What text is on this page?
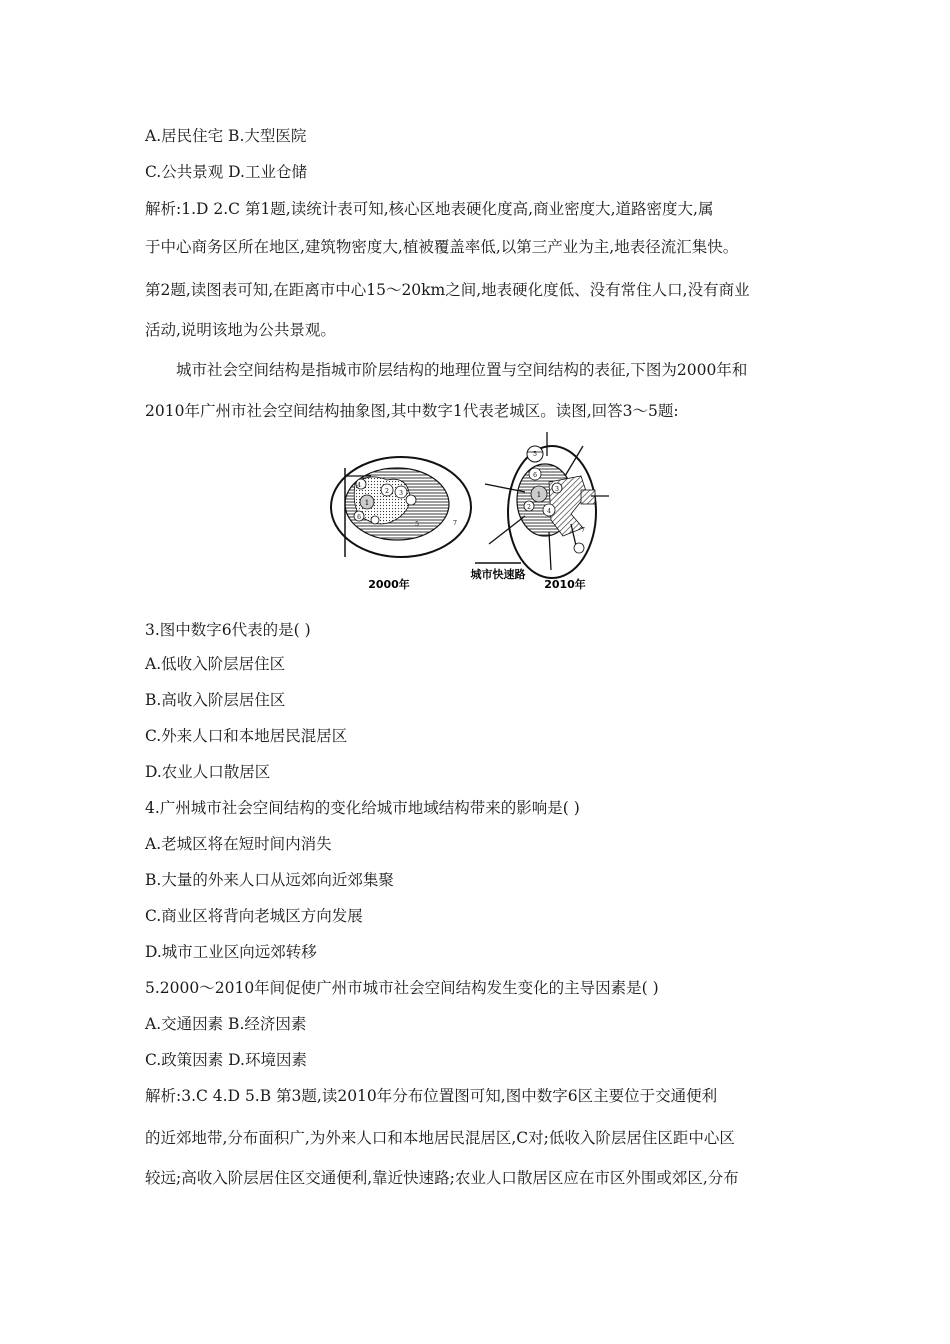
A.居民住宅 B.大型医院
C.公共景观 D.工业仓储
解析:1.D 2.C 第1题,读统计表可知,核心区地表硬化度高,商业密度大,道路密度大,属
于中心商务区所在地区,建筑物密度大,植被覆盖率低,以第三产业为主,地表径流汇集快。
第2题,读图表可知,在距离市中心15～20km之间,地表硬化度低、没有常住人口,没有商业
活动,说明该地为公共景观。
城市社会空间结构是指城市阶层结构的地理位置与空间结构的表征,下图为2000年和
2010年广州市社会空间结构抽象图,其中数字1代表老城区。读图,回答3～5题:
4
1
2 3
6
5	7
2000年
城市快速路
5
6
1
3
2
4
7
2010年
3.图中数字6代表的是( )
A.低收入阶层居住区
B.高收入阶层居住区
C.外来人口和本地居民混居区
D.农业人口散居区
4.广州城市社会空间结构的变化给城市地域结构带来的影响是( )
A.老城区将在短时间内消失
B.大量的外来人口从远郊向近郊集聚
C.商业区将背向老城区方向发展
D.城市工业区向远郊转移
5.2000～2010年间促使广州市城市社会空间结构发生变化的主导因素是( )
A.交通因素 B.经济因素
C.政策因素 D.环境因素
解析:3.C 4.D 5.B 第3题,读2010年分布位置图可知,图中数字6区主要位于交通便利
的近郊地带,分布面积广,为外来人口和本地居民混居区,C对;低收入阶层居住区距中心区
较远;高收入阶层居住区交通便利,靠近快速路;农业人口散居区应在市区外围或郊区,分布
